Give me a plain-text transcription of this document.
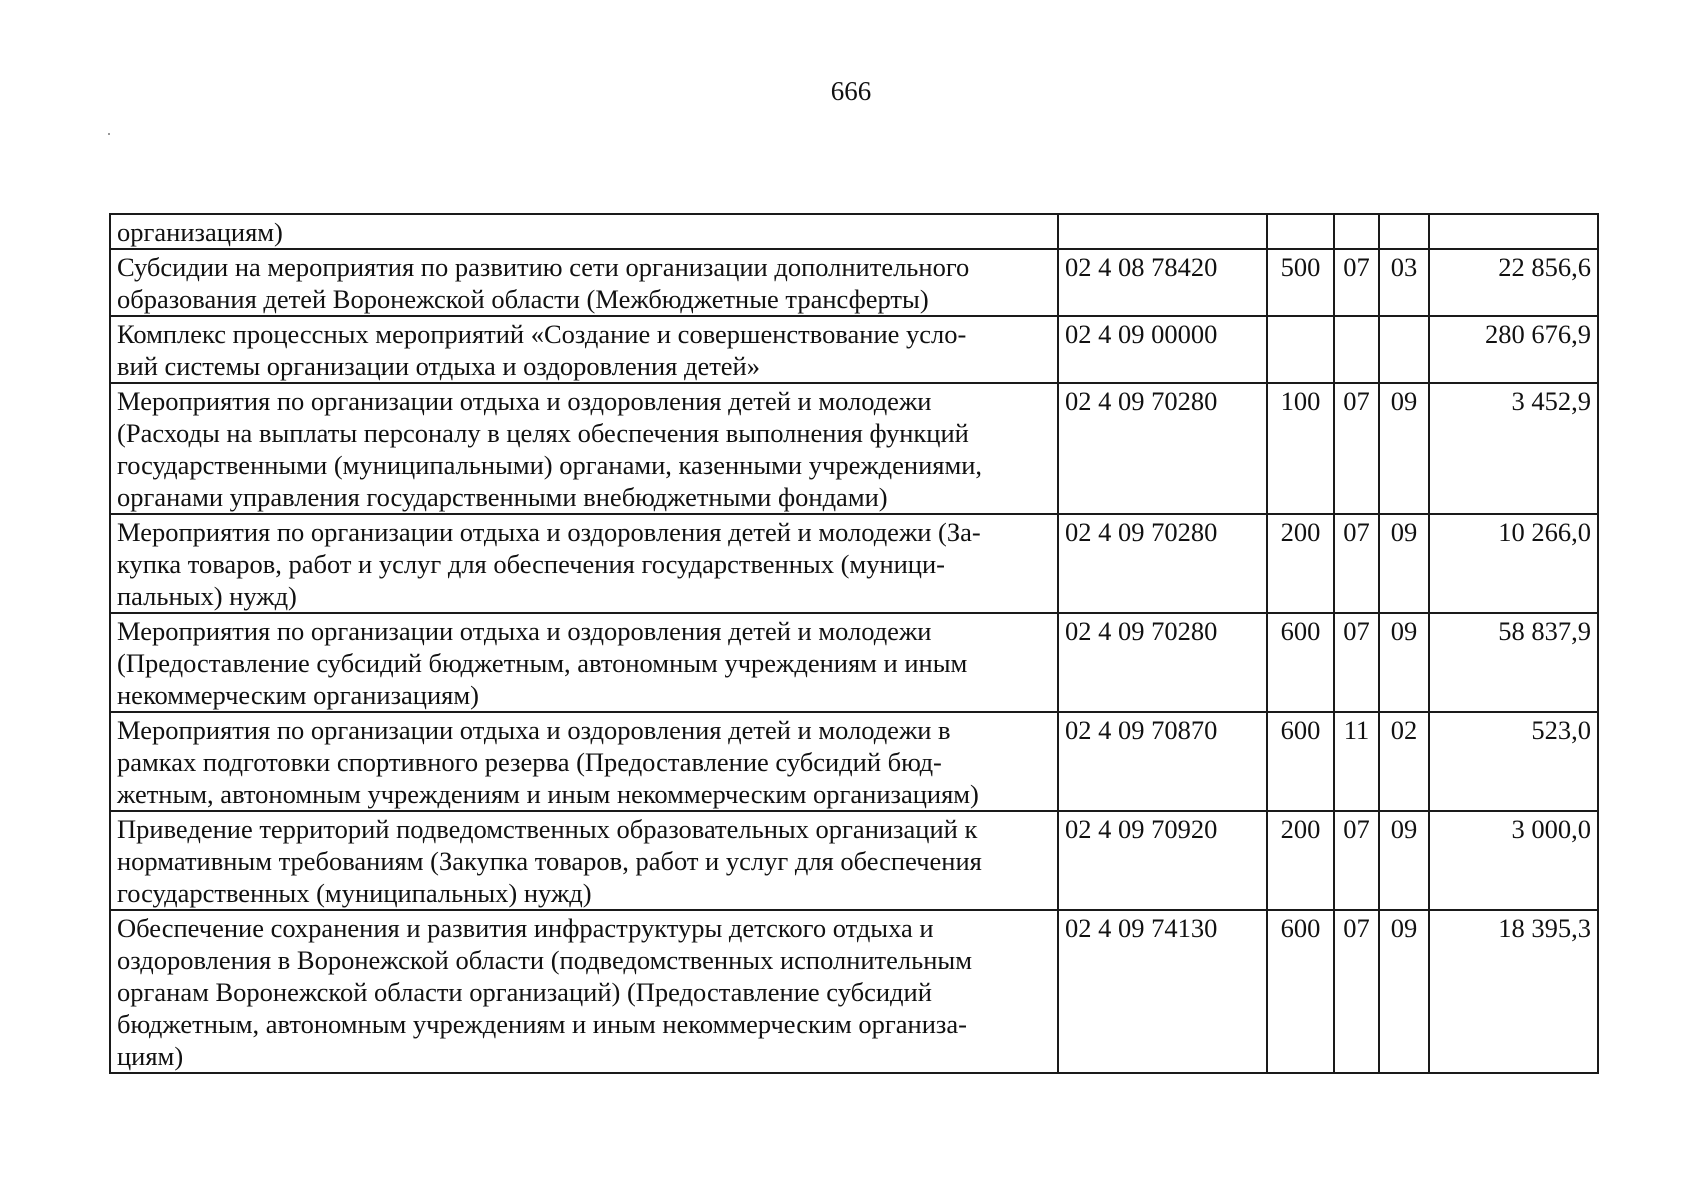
666
организациям)					

Субсидии на мероприятия по развитию сети организации дополнительного
образования детей Воронежской области (Межбюджетные трансферты)	02 4 08 78420	500	07	03	22 856,6

Комплекс процессных мероприятий «Создание и совершенствование усло-
вий системы организации отдыха и оздоровления детей»	02 4 09 00000				280 676,9

Мероприятия по организации отдыха и оздоровления детей и молодежи
(Расходы на выплаты персоналу в целях обеспечения выполнения функций
государственными (муниципальными) органами, казенными учреждениями,
органами управления государственными внебюджетными фондами)	02 4 09 70280	100	07	09	3 452,9

Мероприятия по организации отдыха и оздоровления детей и молодежи (За-
купка товаров, работ и услуг для обеспечения государственных (муници-
пальных) нужд)	02 4 09 70280	200	07	09	10 266,0

Мероприятия по организации отдыха и оздоровления детей и молодежи
(Предоставление субсидий бюджетным, автономным учреждениям и иным
некоммерческим организациям)	02 4 09 70280	600	07	09	58 837,9

Мероприятия по организации отдыха и оздоровления детей и молодежи в
рамках подготовки спортивного резерва (Предоставление субсидий бюд-
жетным, автономным учреждениям и иным некоммерческим организациям)	02 4 09 70870	600	11	02	523,0

Приведение территорий подведомственных образовательных организаций к
нормативным требованиям (Закупка товаров, работ и услуг для обеспечения
государственных (муниципальных) нужд)	02 4 09 70920	200	07	09	3 000,0

Обеспечение сохранения и развития инфраструктуры детского отдыха и
оздоровления в Воронежской области (подведомственных исполнительным
органам Воронежской области организаций) (Предоставление субсидий
бюджетным, автономным учреждениям и иным некоммерческим организа-
циям)	02 4 09 74130	600	07	09	18 395,3
